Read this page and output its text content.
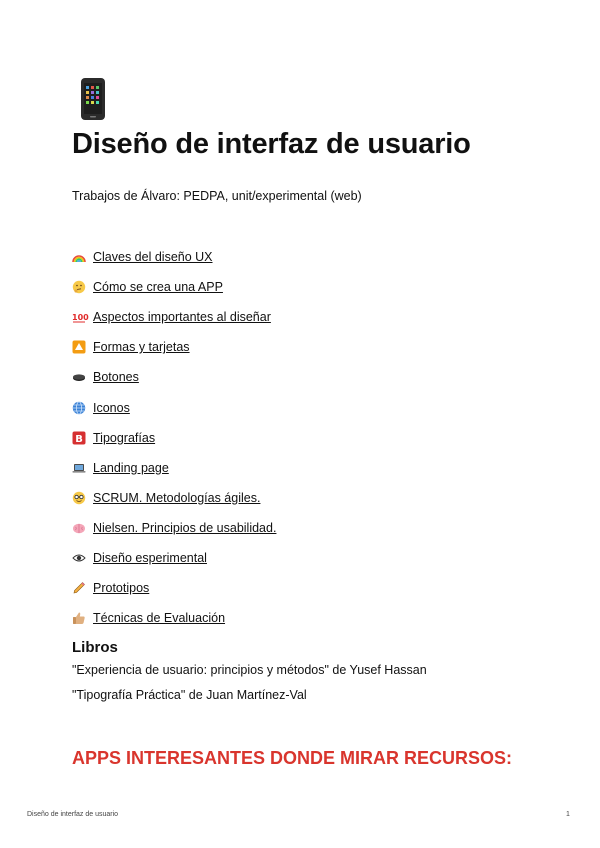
Diseño de interfaz de usuario
Trabajos de Álvaro: PEDPA, unit/experimental (web)
Claves del diseño UX
Cómo se crea una APP
100 Aspectos importantes al diseñar
Formas y tarjetas
Botones
Iconos
B Tipografías
Landing page
SCRUM. Metodologías ágiles.
Nielsen. Principios de usabilidad.
Diseño esperimental
Prototipos
Técnicas de Evaluación
Libros
"Experiencia de usuario: principios y métodos" de Yusef Hassan
"Tipografía Práctica" de Juan Martínez-Val
APPS INTERESANTES DONDE MIRAR RECURSOS:
Diseño de interfaz de usuario	1
